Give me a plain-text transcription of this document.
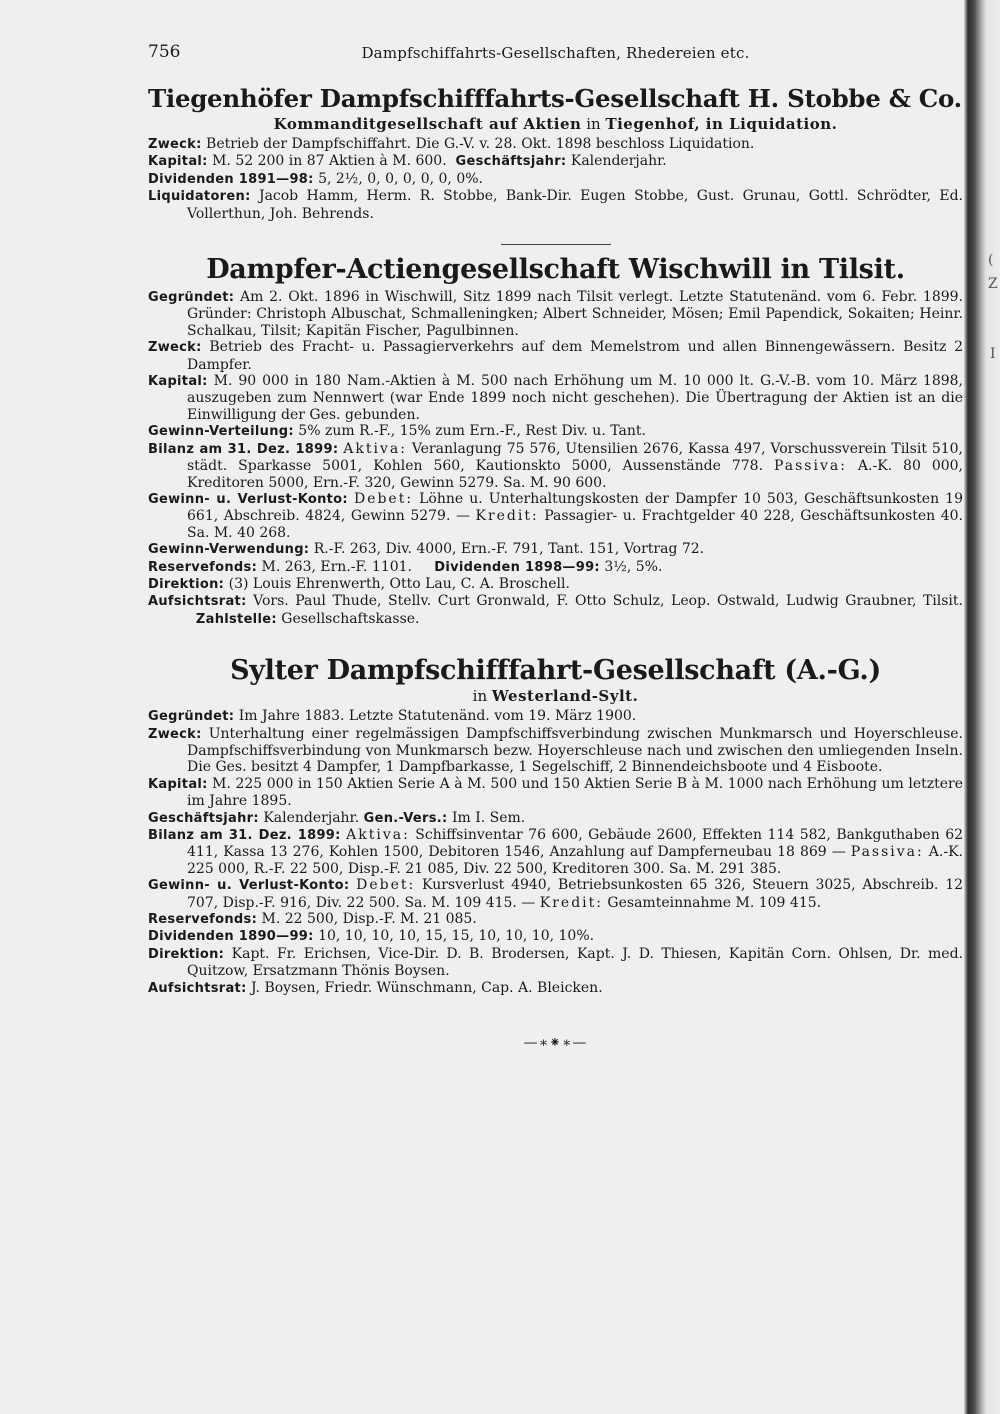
(
Z
I
756	Dampfschiffahrts-Gesellschaften, Rhedereien etc.
Tiegenhöfer Dampfschifffahrts-Gesellschaft H. Stobbe & Co.
Kommanditgesellschaft auf Aktien in Tiegenhof, in Liquidation.

Zweck: Betrieb der Dampfschiffahrt. Die G.-V. v. 28. Okt. 1898 beschloss Liquidation.

Kapital: M. 52 200 in 87 Aktien à M. 600. Geschäftsjahr: Kalenderjahr.

Dividenden 1891—98: 5, 2½, 0, 0, 0, 0, 0, 0%.

Liquidatoren: Jacob Hamm, Herm. R. Stobbe, Bank-Dir. Eugen Stobbe, Gust. Grunau, Gottl. Schrödter, Ed. Vollerthun, Joh. Behrends.

Dampfer-Actiengesellschaft Wischwill in Tilsit.

Gegründet: Am 2. Okt. 1896 in Wischwill, Sitz 1899 nach Tilsit verlegt. Letzte Statutenänd. vom 6. Febr. 1899. Gründer: Christoph Albuschat, Schmalleningken; Albert Schneider, Mösen; Emil Papendick, Sokaiten; Heinr. Schalkau, Tilsit; Kapitän Fischer, Pagulbinnen.

Zweck: Betrieb des Fracht- u. Passagierverkehrs auf dem Memelstrom und allen Binnengewässern. Besitz 2 Dampfer.

Kapital: M. 90 000 in 180 Nam.-Aktien à M. 500 nach Erhöhung um M. 10 000 lt. G.-V.-B. vom 10. März 1898, auszugeben zum Nennwert (war Ende 1899 noch nicht geschehen). Die Übertragung der Aktien ist an die Einwilligung der Ges. gebunden.

Gewinn-Verteilung: 5% zum R.-F., 15% zum Ern.-F., Rest Div. u. Tant.

Bilanz am 31. Dez. 1899: Aktiva: Veranlagung 75 576, Utensilien 2676, Kassa 497, Vorschussverein Tilsit 510, städt. Sparkasse 5001, Kohlen 560, Kautionskto 5000, Aussenstände 778. Passiva: A.-K. 80 000, Kreditoren 5000, Ern.-F. 320, Gewinn 5279. Sa. M. 90 600.

Gewinn- u. Verlust-Konto: Debet: Löhne u. Unterhaltungskosten der Dampfer 10 503, Geschäftsunkosten 19 661, Abschreib. 4824, Gewinn 5279. — Kredit: Passagier- u. Frachtgelder 40 228, Geschäftsunkosten 40. Sa. M. 40 268.

Gewinn-Verwendung: R.-F. 263, Div. 4000, Ern.-F. 791, Tant. 151, Vortrag 72.

Reservefonds: M. 263, Ern.-F. 1101. Dividenden 1898—99: 3½, 5%.

Direktion: (3) Louis Ehrenwerth, Otto Lau, C. A. Broschell.

Aufsichtsrat: Vors. Paul Thude, Stellv. Curt Gronwald, F. Otto Schulz, Leop. Ostwald, Ludwig Graubner, Tilsit.   Zahlstelle: Gesellschaftskasse.

Sylter Dampfschifffahrt-Gesellschaft (A.-G.)
in Westerland-Sylt.

Gegründet: Im Jahre 1883. Letzte Statutenänd. vom 19. März 1900.

Zweck: Unterhaltung einer regelmässigen Dampfschiffsverbindung zwischen Munkmarsch und Hoyerschleuse. Dampfschiffsverbindung von Munkmarsch bezw. Hoyerschleuse nach und zwischen den umliegenden Inseln. Die Ges. besitzt 4 Dampfer, 1 Dampfbarkasse, 1 Segelschiff, 2 Binnendeichsboote und 4 Eisboote.

Kapital: M. 225 000 in 150 Aktien Serie A à M. 500 und 150 Aktien Serie B à M. 1000 nach Erhöhung um letztere im Jahre 1895.

Geschäftsjahr: Kalenderjahr. Gen.-Vers.: Im I. Sem.

Bilanz am 31. Dez. 1899: Aktiva: Schiffsinventar 76 600, Gebäude 2600, Effekten 114 582, Bankguthaben 62 411, Kassa 13 276, Kohlen 1500, Debitoren 1546, Anzahlung auf Dampferneubau 18 869 — Passiva: A.-K. 225 000, R.-F. 22 500, Disp.-F. 21 085, Div. 22 500, Kreditoren 300. Sa. M. 291 385.

Gewinn- u. Verlust-Konto: Debet: Kursverlust 4940, Betriebsunkosten 65 326, Steuern 3025, Abschreib. 12 707, Disp.-F. 916, Div. 22 500. Sa. M. 109 415. — Kredit: Gesamteinnahme M. 109 415.

Reservefonds: M. 22 500, Disp.-F. M. 21 085.

Dividenden 1890—99: 10, 10, 10, 10, 15, 15, 10, 10, 10, 10%.

Direktion: Kapt. Fr. Erichsen, Vice-Dir. D. B. Brodersen, Kapt. J. D. Thiesen, Kapitän Corn. Ohlsen, Dr. med. Quitzow, Ersatzmann Thönis Boysen.

Aufsichtsrat: J. Boysen, Friedr. Wünschmann, Cap. A. Bleicken.

—∗⁕∗—
